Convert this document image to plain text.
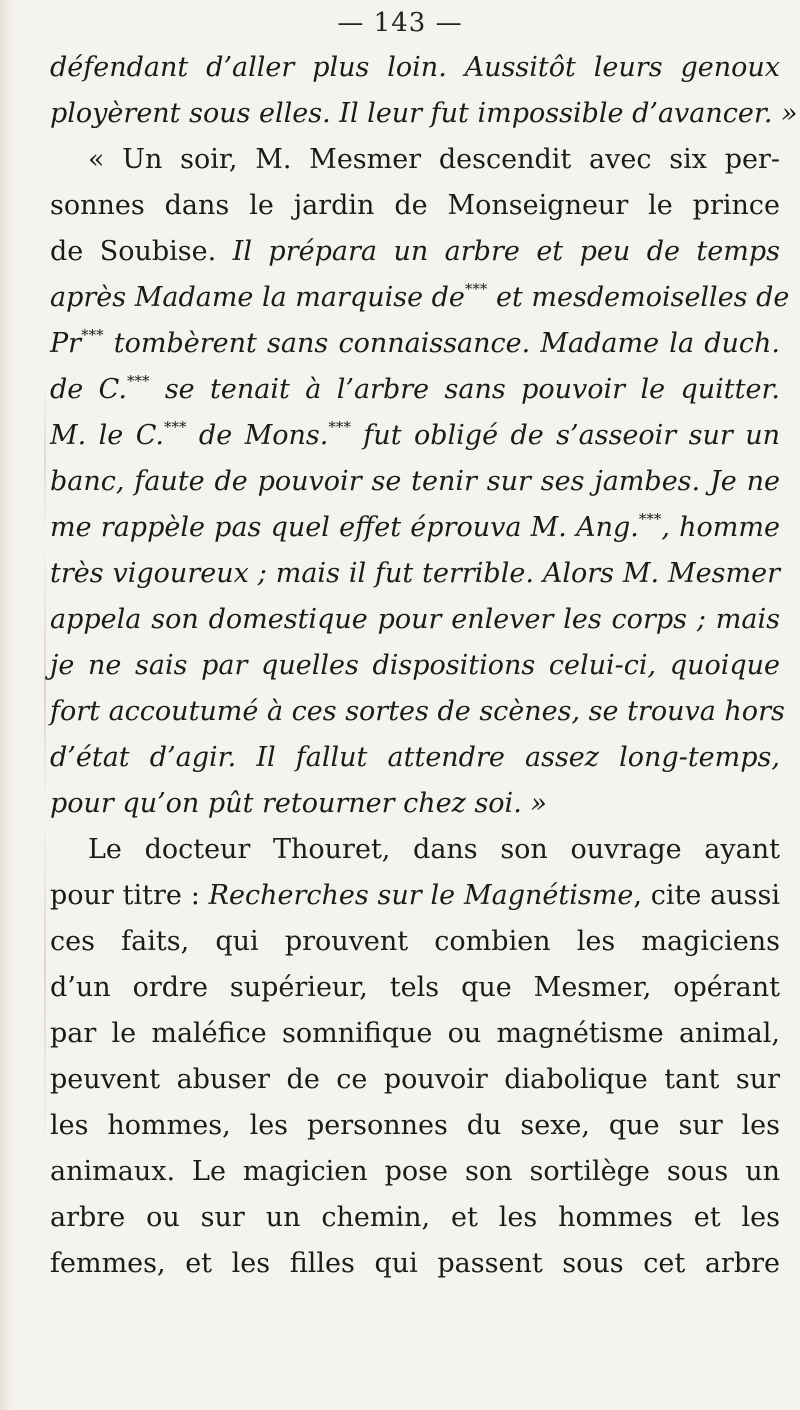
— 143 —
défendant d’aller plus loin. Aussitôt leurs genoux
ployèrent sous elles. Il leur fut impossible d’avancer. »
« Un soir, M. Mesmer descendit avec six per-
sonnes dans le jardin de Monseigneur le prince
de Soubise. Il prépara un arbre et peu de temps
après Madame la marquise de*** et mesdemoiselles de
Pr*** tombèrent sans connaissance. Madame la duch.
de C.*** se tenait à l’arbre sans pouvoir le quitter.
M. le C.*** de Mons.*** fut obligé de s’asseoir sur un
banc, faute de pouvoir se tenir sur ses jambes. Je ne
me rappèle pas quel effet éprouva M. Ang.***, homme
très vigoureux ; mais il fut terrible. Alors M. Mesmer
appela son domestique pour enlever les corps ; mais
je ne sais par quelles dispositions celui-ci, quoique
fort accoutumé à ces sortes de scènes, se trouva hors
d’état d’agir. Il fallut attendre assez long-temps,
pour qu’on pût retourner chez soi. »
Le docteur Thouret, dans son ouvrage ayant
pour titre : Recherches sur le Magnétisme, cite aussi
ces faits, qui prouvent combien les magiciens
d’un ordre supérieur, tels que Mesmer, opérant
par le maléfice somnifique ou magnétisme animal,
peuvent abuser de ce pouvoir diabolique tant sur
les hommes, les personnes du sexe, que sur les
animaux. Le magicien pose son sortilège sous un
arbre ou sur un chemin, et les hommes et les
femmes, et les filles qui passent sous cet arbre
